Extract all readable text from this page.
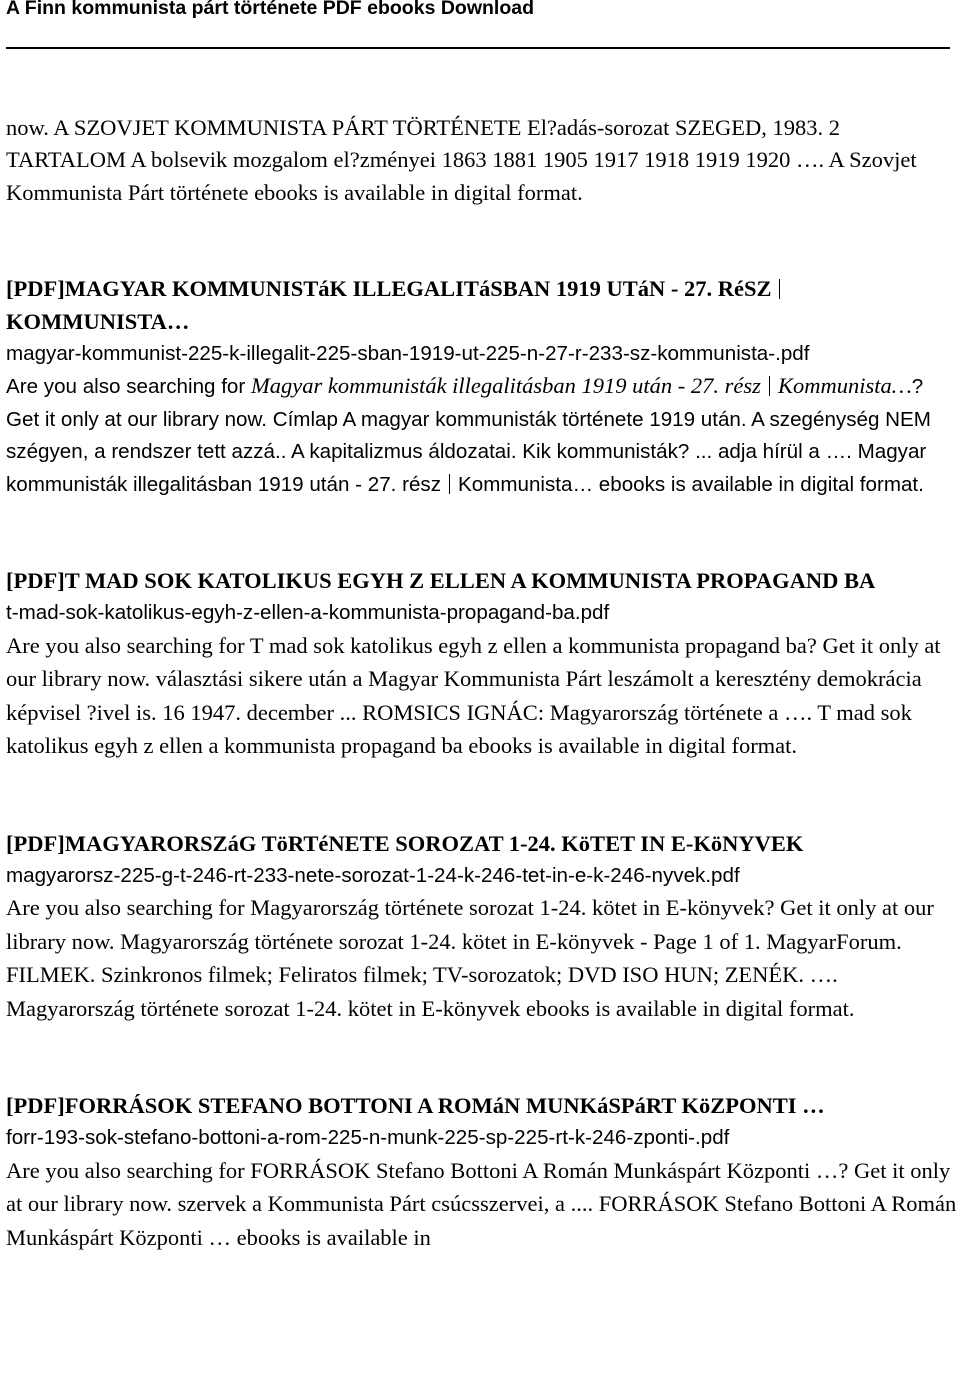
A Finn kommunista párt története PDF ebooks Download

now. A SZOVJET KOMMUNISTA PÁRT TÖRTÉNETE El?adás-sorozat SZEGED, 1983. 2 TARTALOM A bolsevik mozgalom el?zményei 1863 1881 1905 1917 1918 1919 1920 …. A Szovjet Kommunista Párt története ebooks is available in digital format.

[PDF]MAGYAR KOMMUNISTáK ILLEGALITáSBAN 1919 UTáN - 27. RéSZ
KOMMUNISTA…

magyar-kommunist-225-k-illegalit-225-sban-1919-ut-225-n-27-r-233-sz-kommunista-.pdf

Are you also searching for Magyar kommunisták illegalitásban 1919 után - 27. rész Kommunista…? Get it only at our library now. Címlap A magyar kommunisták története 1919 után. A szegénység NEM szégyen, a rendszer tett azzá.. A kapitalizmus áldozatai. Kik kommunisták? ... adja hírül a …. Magyar kommunisták illegalitásban 1919 után - 27. rész Kommunista… ebooks is available in digital format.

[PDF]T MAD SOK KATOLIKUS EGYH Z ELLEN A KOMMUNISTA PROPAGAND BA

t-mad-sok-katolikus-egyh-z-ellen-a-kommunista-propagand-ba.pdf

Are you also searching for T mad sok katolikus egyh z ellen a kommunista propagand ba? Get it only at our library now. választási sikere után a Magyar Kommunista Párt leszámolt a keresztény demokrácia képvisel ?ivel is. 16 1947. december ... ROMSICS IGNÁC: Magyarország története a …. T mad sok katolikus egyh z ellen a kommunista propagand ba ebooks is available in digital format.

[PDF]MAGYARORSZáG TöRTéNETE SOROZAT 1-24. KöTET IN E-KöNYVEK

magyarorsz-225-g-t-246-rt-233-nete-sorozat-1-24-k-246-tet-in-e-k-246-nyvek.pdf

Are you also searching for Magyarország története sorozat 1-24. kötet in E-könyvek? Get it only at our library now. Magyarország története sorozat 1-24. kötet in E-könyvek - Page 1 of 1. MagyarForum. FILMEK. Szinkronos filmek; Feliratos filmek; TV-sorozatok; DVD ISO HUN; ZENÉK. …. Magyarország története sorozat 1-24. kötet in E-könyvek ebooks is available in digital format.

[PDF]FORRÁSOK STEFANO BOTTONI A ROMáN MUNKáSPáRT KöZPONTI …

forr-193-sok-stefano-bottoni-a-rom-225-n-munk-225-sp-225-rt-k-246-zponti-.pdf

Are you also searching for FORRÁSOK Stefano Bottoni A Román Munkáspárt Központi …? Get it only at our library now. szervek a Kommunista Párt csúcsszervei, a .... FORRÁSOK Stefano Bottoni A Román Munkáspárt Központi … ebooks is available in
